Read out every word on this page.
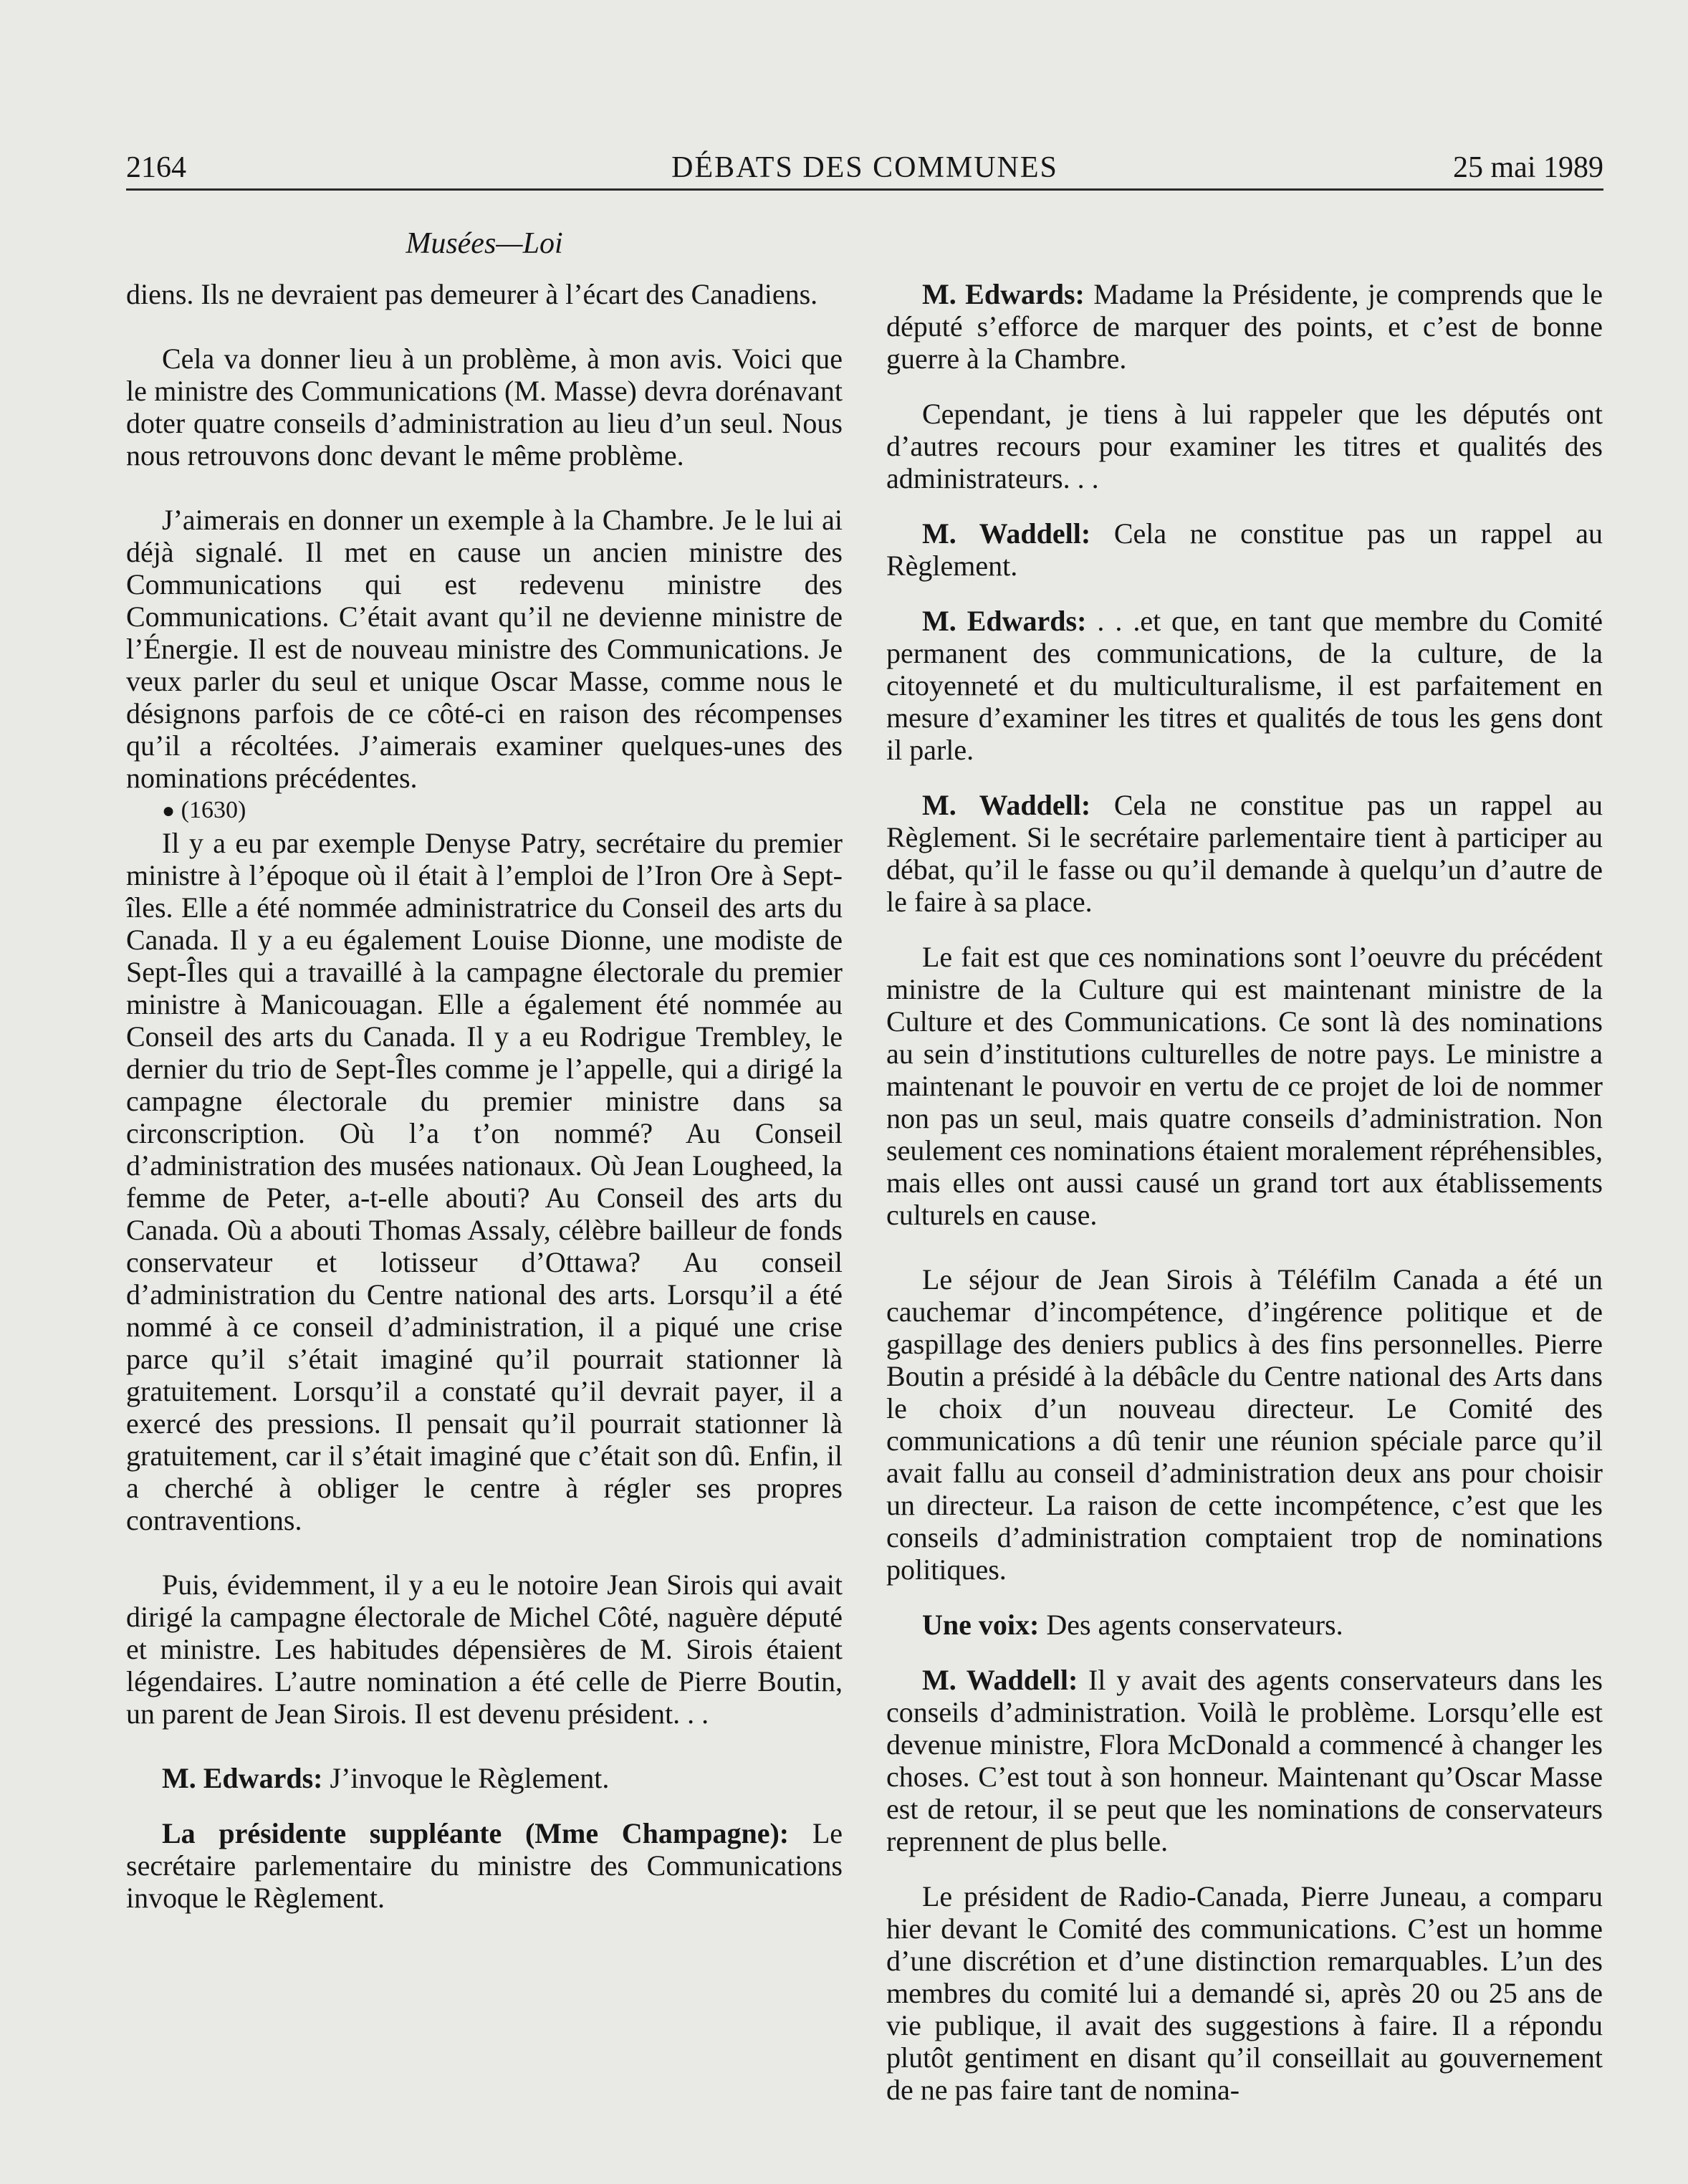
2164	DÉBATS DES COMMUNES	25 mai 1989
Musées—Loi

diens. Ils ne devraient pas demeurer à l’écart des Canadiens.

Cela va donner lieu à un problème, à mon avis. Voici que le ministre des Communications (M. Masse) devra dorénavant doter quatre conseils d’administration au lieu d’un seul. Nous nous retrouvons donc devant le même problème.

J’aimerais en donner un exemple à la Chambre. Je le lui ai déjà signalé. Il met en cause un ancien ministre des Communications qui est redevenu ministre des Communications. C’était avant qu’il ne devienne ministre de l’Énergie. Il est de nouveau ministre des Communications. Je veux parler du seul et unique Oscar Masse, comme nous le désignons parfois de ce côté-ci en raison des récompenses qu’il a récoltées. J’aimerais examiner quelques-unes des nominations précédentes.

● (1630)

Il y a eu par exemple Denyse Patry, secrétaire du premier ministre à l’époque où il était à l’emploi de l’Iron Ore à Sept-îles. Elle a été nommée administratrice du Conseil des arts du Canada. Il y a eu également Louise Dionne, une modiste de Sept-Îles qui a travaillé à la campagne électorale du premier ministre à Manicouagan. Elle a également été nommée au Conseil des arts du Canada. Il y a eu Rodrigue Trembley, le dernier du trio de Sept-Îles comme je l’appelle, qui a dirigé la campagne électorale du premier ministre dans sa circonscription. Où l’a t’on nommé? Au Conseil d’administration des musées nationaux. Où Jean Lougheed, la femme de Peter, a-t-elle abouti? Au Conseil des arts du Canada. Où a abouti Thomas Assaly, célèbre bailleur de fonds conservateur et lotisseur d’Ottawa? Au conseil d’administration du Centre national des arts. Lorsqu’il a été nommé à ce conseil d’administration, il a piqué une crise parce qu’il s’était imaginé qu’il pourrait stationner là gratuitement. Lorsqu’il a constaté qu’il devrait payer, il a exercé des pressions. Il pensait qu’il pourrait stationner là gratuitement, car il s’était imaginé que c’était son dû. Enfin, il a cherché à obliger le centre à régler ses propres contraventions.

Puis, évidemment, il y a eu le notoire Jean Sirois qui avait dirigé la campagne électorale de Michel Côté, naguère député et ministre. Les habitudes dépensières de M. Sirois étaient légendaires. L’autre nomination a été celle de Pierre Boutin, un parent de Jean Sirois. Il est devenu président. . .

M. Edwards: J’invoque le Règlement.

La présidente suppléante (Mme Champagne): Le secrétaire parlementaire du ministre des Communications invoque le Règlement.

M. Edwards: Madame la Présidente, je comprends que le député s’efforce de marquer des points, et c’est de bonne guerre à la Chambre.

Cependant, je tiens à lui rappeler que les députés ont d’autres recours pour examiner les titres et qualités des administrateurs. . .

M. Waddell: Cela ne constitue pas un rappel au Règlement.

M. Edwards: . . .et que, en tant que membre du Comité permanent des communications, de la culture, de la citoyenneté et du multiculturalisme, il est parfaitement en mesure d’examiner les titres et qualités de tous les gens dont il parle.

M. Waddell: Cela ne constitue pas un rappel au Règlement. Si le secrétaire parlementaire tient à participer au débat, qu’il le fasse ou qu’il demande à quelqu’un d’autre de le faire à sa place.

Le fait est que ces nominations sont l’oeuvre du précédent ministre de la Culture qui est maintenant ministre de la Culture et des Communications. Ce sont là des nominations au sein d’institutions culturelles de notre pays. Le ministre a maintenant le pouvoir en vertu de ce projet de loi de nommer non pas un seul, mais quatre conseils d’administration. Non seulement ces nominations étaient moralement répréhensibles, mais elles ont aussi causé un grand tort aux établissements culturels en cause.

Le séjour de Jean Sirois à Téléfilm Canada a été un cauchemar d’incompétence, d’ingérence politique et de gaspillage des deniers publics à des fins personnelles. Pierre Boutin a présidé à la débâcle du Centre national des Arts dans le choix d’un nouveau directeur. Le Comité des communications a dû tenir une réunion spéciale parce qu’il avait fallu au conseil d’administration deux ans pour choisir un directeur. La raison de cette incompétence, c’est que les conseils d’administration comptaient trop de nominations politiques.

Une voix: Des agents conservateurs.

M. Waddell: Il y avait des agents conservateurs dans les conseils d’administration. Voilà le problème. Lorsqu’elle est devenue ministre, Flora McDonald a commencé à changer les choses. C’est tout à son honneur. Maintenant qu’Oscar Masse est de retour, il se peut que les nominations de conservateurs reprennent de plus belle.

Le président de Radio-Canada, Pierre Juneau, a comparu hier devant le Comité des communications. C’est un homme d’une discrétion et d’une distinction remarquables. L’un des membres du comité lui a demandé si, après 20 ou 25 ans de vie publique, il avait des suggestions à faire. Il a répondu plutôt gentiment en disant qu’il conseillait au gouvernement de ne pas faire tant de nomina-
